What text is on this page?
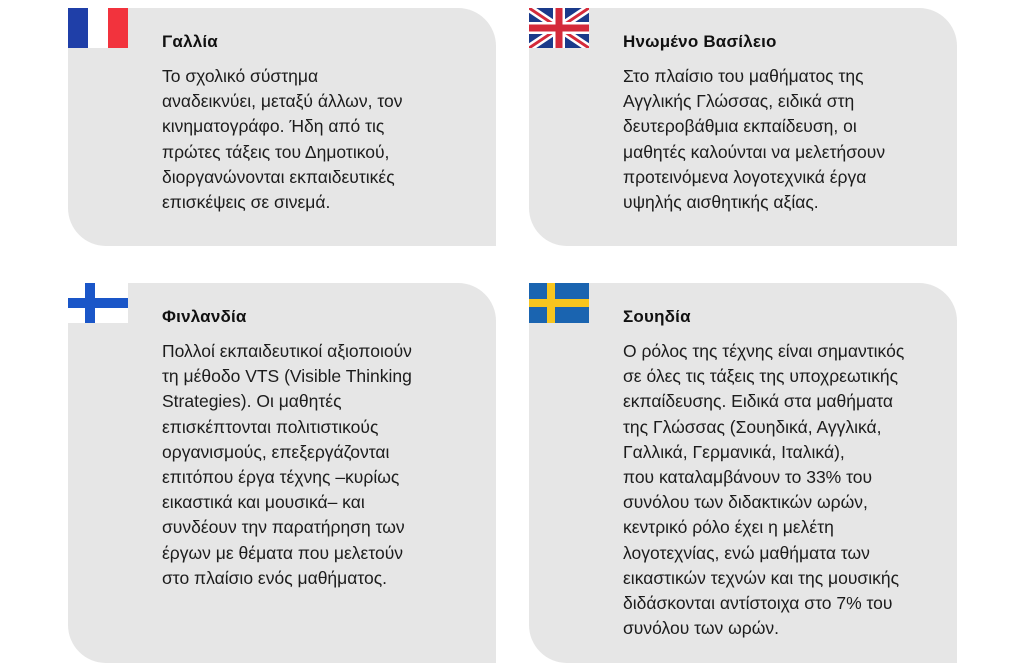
Γαλλία
Το σχολικό σύστημα
αναδεικνύει, μεταξύ άλλων, τον
κινηματογράφο. Ήδη από τις
πρώτες τάξεις του Δημοτικού,
διοργανώνονται εκπαιδευτικές
επισκέψεις σε σινεμά.
Ηνωμένο Βασίλειο
Στο πλαίσιο του μαθήματος της
Αγγλικής Γλώσσας, ειδικά στη
δευτεροβάθμια εκπαίδευση, οι
μαθητές καλούνται να μελετήσουν
προτεινόμενα λογοτεχνικά έργα
υψηλής αισθητικής αξίας.
Φινλανδία
Πολλοί εκπαιδευτικοί αξιοποιούν
τη μέθοδο VTS (Visible Thinking
Strategies). Οι μαθητές
επισκέπτονται πολιτιστικούς
οργανισμούς, επεξεργάζονται
επιτόπου έργα τέχνης –κυρίως
εικαστικά και μουσικά– και
συνδέουν την παρατήρηση των
έργων με θέματα που μελετούν
στο πλαίσιο ενός μαθήματος.
Σουηδία
Ο ρόλος της τέχνης είναι σημαντικός
σε όλες τις τάξεις της υποχρεωτικής
εκπαίδευσης. Ειδικά στα μαθήματα
της Γλώσσας (Σουηδικά, Αγγλικά,
Γαλλικά, Γερμανικά, Ιταλικά),
που καταλαμβάνουν το 33% του
συνόλου των διδακτικών ωρών,
κεντρικό ρόλο έχει η μελέτη
λογοτεχνίας, ενώ μαθήματα των
εικαστικών τεχνών και της μουσικής
διδάσκονται αντίστοιχα στο 7% του
συνόλου των ωρών.
